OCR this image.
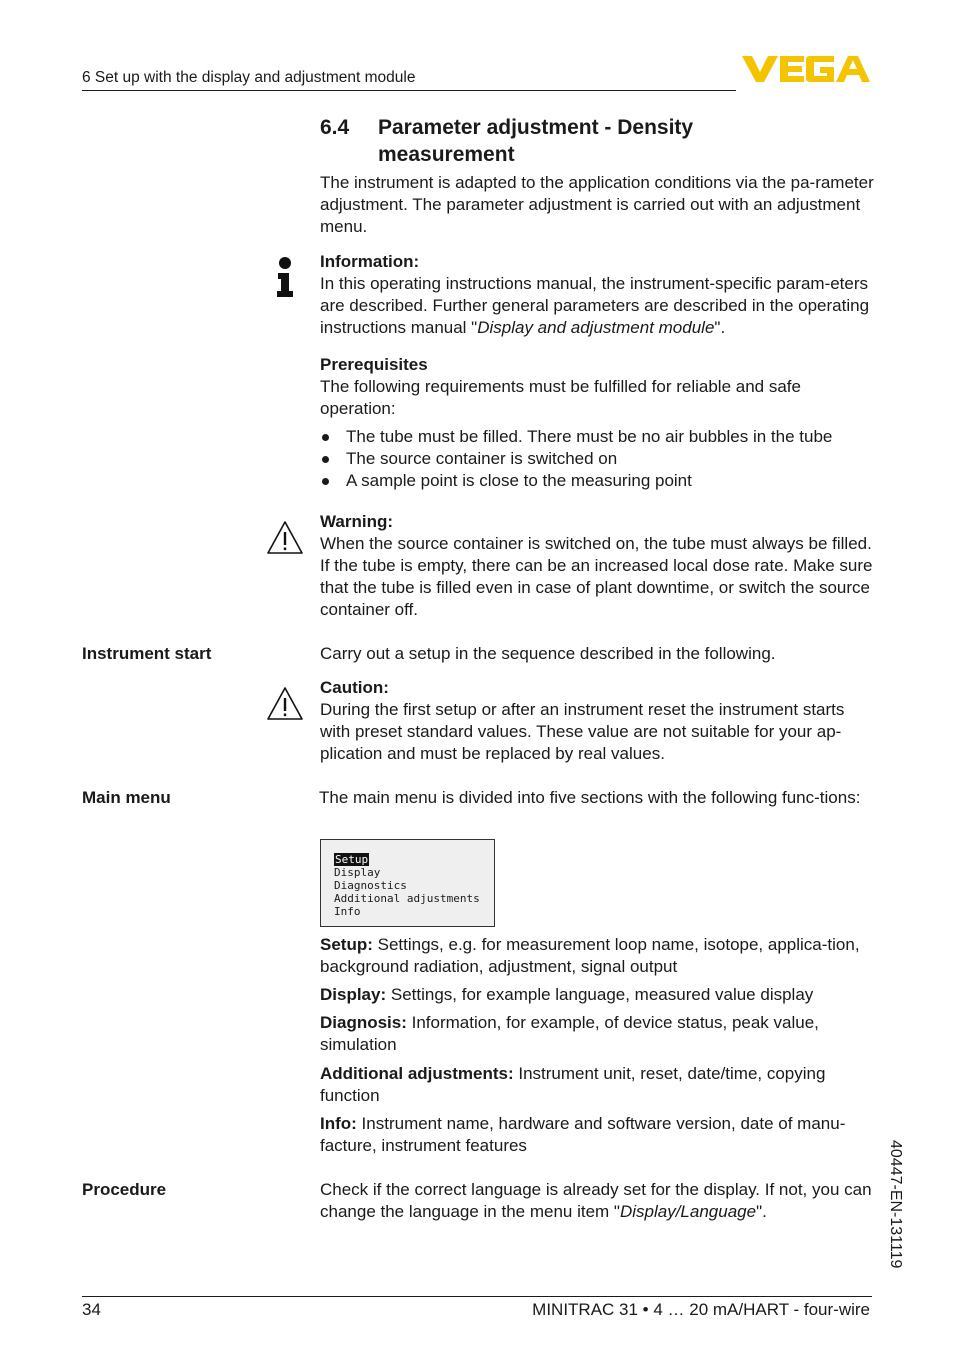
6 Set up with the display and adjustment module
6.4 Parameter adjustment - Density
measurement
The instrument is adapted to the application conditions via the pa-rameter adjustment. The parameter adjustment is carried out with an adjustment menu.
Information:
In this operating instructions manual, the instrument-specific param-eters are described. Further general parameters are described in the operating instructions manual "Display and adjustment module".
Prerequisites
The following requirements must be fulfilled for reliable and safe operation:
The tube must be filled. There must be no air bubbles in the tube
The source container is switched on
A sample point is close to the measuring point
Warning:
When the source container is switched on, the tube must always be filled. If the tube is empty, there can be an increased local dose rate. Make sure that the tube is filled even in case of plant downtime, or switch the source container off.
Instrument start	Carry out a setup in the sequence described in the following.
Caution:
During the first setup or after an instrument reset the instrument starts with preset standard values. These value are not suitable for your ap-plication and must be replaced by real values.
Main menu	The main menu is divided into five sections with the following func-tions:
Setup
Display
Diagnostics
Additional adjustments
Info
Setup: Settings, e.g. for measurement loop name, isotope, applica-tion, background radiation, adjustment, signal output
Display: Settings, for example language, measured value display
Diagnosis: Information, for example, of device status, peak value, simulation
Additional adjustments: Instrument unit, reset, date/time, copying function
Info: Instrument name, hardware and software version, date of manu-facture, instrument features
Procedure	Check if the correct language is already set for the display. If not, you can change the language in the menu item "Display/Language".	40447-EN-131119
34	MINITRAC 31 • 4 … 20 mA/HART - four-wire
